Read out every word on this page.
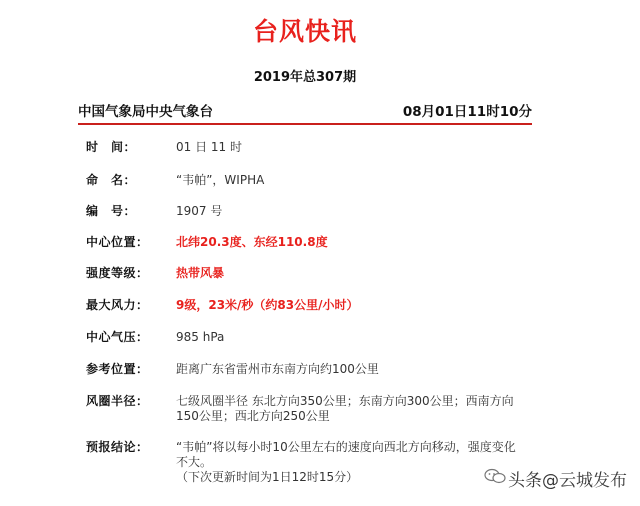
台风快讯
2019年总307期
中国气象局中央气象台	08月01日11时10分
时　间：	01 日 11 时
命　名：	“韦帕”，WIPHA
编　号：	1907 号
中心位置： 北纬20.3度、东经110.8度
强度等级： 热带风暴
最大风力： 9级，23米/秒（约83公里/小时）
中心气压： 985 hPa
参考位置： 距离广东省雷州市东南方向约100公里
风圈半径： 七级风圈半径 东北方向350公里；东南方向300公里；西南方向150公里；西北方向250公里
预报结论： “韦帕”将以每小时10公里左右的速度向西北方向移动，强度变化不大。
（下次更新时间为1日12时15分）	头条@云城发布
